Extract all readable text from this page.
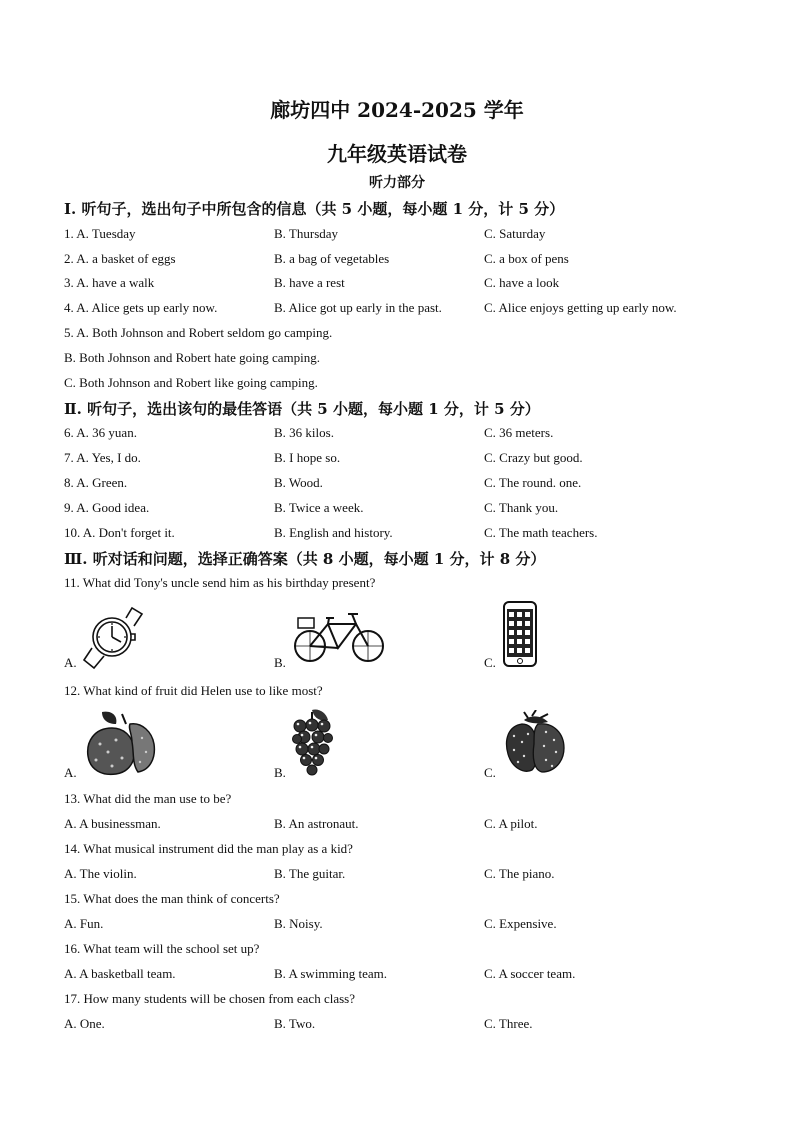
廊坊四中 2024-2025 学年
九年级英语试卷
听力部分
Ⅰ. 听句子，选出句子中所包含的信息（共 5 小题，每小题 1 分，计 5 分）
1. A. Tuesday	B. Thursday	C. Saturday
2. A. a basket of eggs	B. a bag of vegetables	C. a box of pens
3. A. have a walk	B. have a rest	C. have a look
4. A. Alice gets up early now.	B. Alice got up early in the past.	C. Alice enjoys getting up early now.
5. A. Both Johnson and Robert seldom go camping.
B. Both Johnson and Robert hate going camping.
C. Both Johnson and Robert like going camping.
Ⅱ. 听句子，选出该句的最佳答语（共 5 小题，每小题 1 分，计 5 分）
6. A. 36 yuan.	B. 36 kilos.	C. 36 meters.
7. A. Yes, I do.	B. I hope so.	C. Crazy but good.
8. A. Green.	B. Wood.	C. The round. one.
9. A. Good idea.	B. Twice a week.	C. Thank you.
10. A. Don't forget it.	B. English and history.	C. The math teachers.
Ⅲ. 听对话和问题，选择正确答案（共 8 小题，每小题 1 分，计 8 分）
11. What did Tony's uncle send him as his birthday present?
A.	B.	C.
12. What kind of fruit did Helen use to like most?
A.	B.	C.
13. What did the man use to be?
A. A businessman.	B. An astronaut.	C. A pilot.
14. What musical instrument did the man play as a kid?
A. The violin.	B. The guitar.	C. The piano.
15. What does the man think of concerts?
A. Fun.	B. Noisy.	C. Expensive.
16. What team will the school set up?
A. A basketball team.	B. A swimming team.	C. A soccer team.
17. How many students will be chosen from each class?
A. One.	B. Two.	C. Three.
